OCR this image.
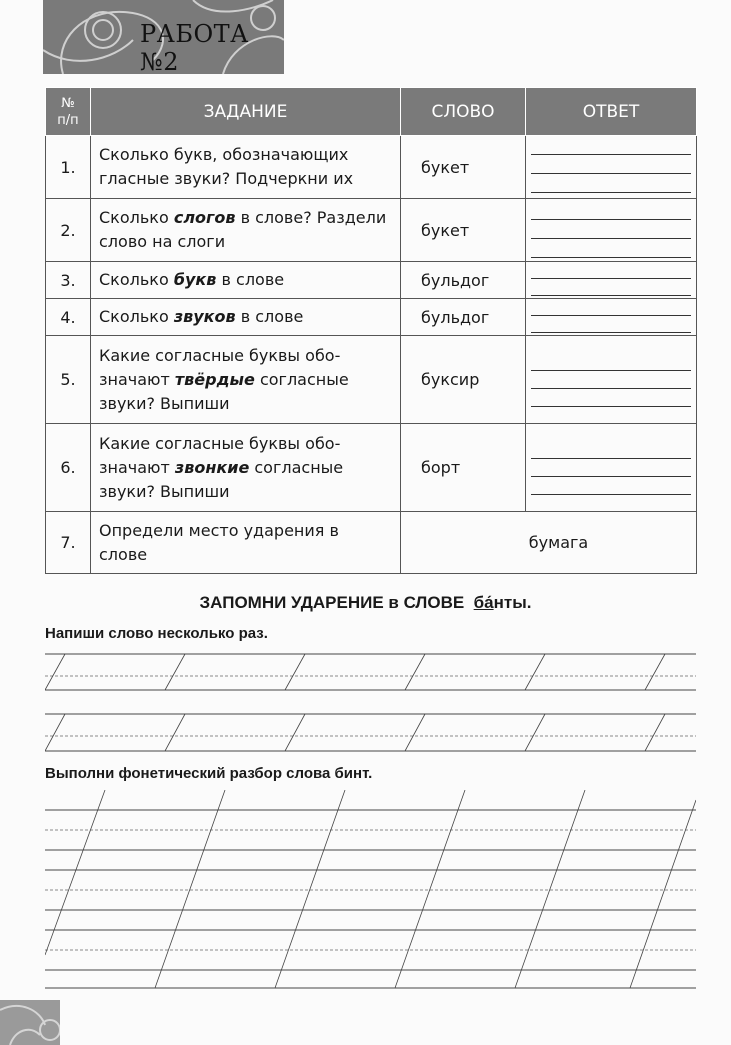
РАБОТА №2
№
п/п	ЗАДАНИЕ	СЛОВО	ОТВЕТ
1.	Сколько букв, обозначающих гласные звуки? Подчеркни их	букет	

2.	Сколько слогов в слове? Раздели слово на слоги	букет	

3.	Сколько букв в слове	бульдог	

4.	Сколько звуков в слове	бульдог	

5.	Какие согласные буквы обозначают твёрдые согласные звуки? Выпиши	буксир	

6.	Какие согласные буквы обозначают звонкие согласные звуки? Выпиши	борт	

7.	Определи место ударения в слове	бумага	
ЗАПОМНИ УДАРЕНИЕ в СЛОВЕ ба́нты.
Напиши слово несколько раз.
Выполни фонетический разбор слова бинт.
